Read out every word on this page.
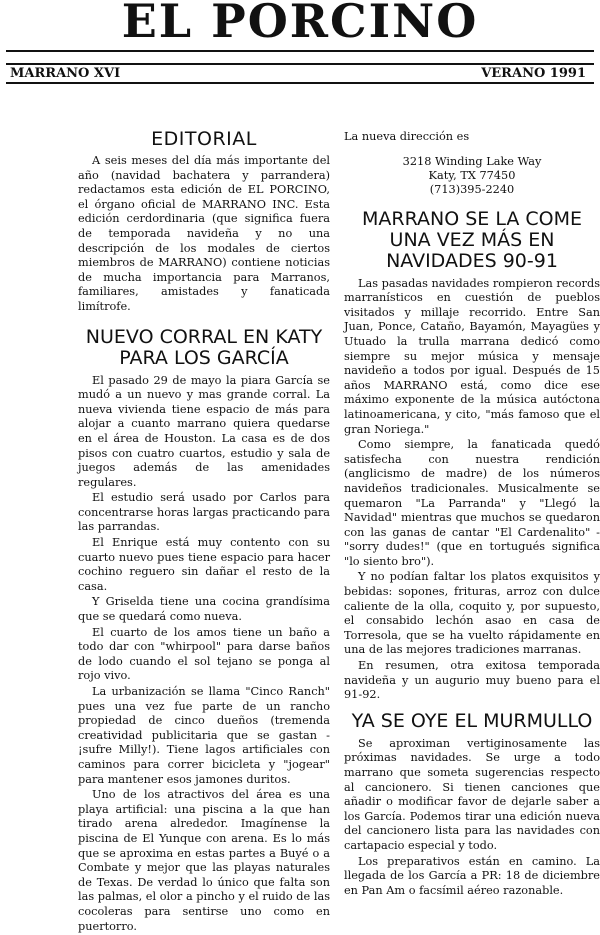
EL PORCINO
MARRANO XVI	VERANO 1991
EDITORIAL

A seis meses del día más importante del año (navidad bachatera y parrandera) redactamos esta edición de EL PORCINO, el órgano oficial de MARRANO INC. Esta edición cerdordinaria (que significa fuera de temporada navideña y no una descripción de los modales de ciertos miembros de MARRANO) contiene noticias de mucha importancia para Marranos, familiares, amistades y fanaticada limítrofe.

NUEVO CORRAL EN KATY
PARA LOS GARCÍA

El pasado 29 de mayo la piara García se mudó a un nuevo y mas grande corral. La nueva vivienda tiene espacio de más para alojar a cuanto marrano quiera quedarse en el área de Houston. La casa es de dos pisos con cuatro cuartos, estudio y sala de juegos además de las amenidades regulares.

El estudio será usado por Carlos para concentrarse horas largas practicando para las parrandas.

El Enrique está muy contento con su cuarto nuevo pues tiene espacio para hacer cochino reguero sin dañar el resto de la casa.

Y Griselda tiene una cocina grandísima que se quedará como nueva.

El cuarto de los amos tiene un baño a todo dar con "whirpool" para darse baños de lodo cuando el sol tejano se ponga al rojo vivo.

La urbanización se llama "Cinco Ranch" pues una vez fue parte de un rancho propiedad de cinco dueños (tremenda creatividad publicitaria que se gastan - ¡sufre Milly!). Tiene lagos artificiales con caminos para correr bicicleta y "jogear" para mantener esos jamones duritos.

Uno de los atractivos del área es una playa artificial: una piscina a la que han tirado arena alrededor. Imagínense la piscina de El Yunque con arena. Es lo más que se aproxima en estas partes a Buyé o a Combate y mejor que las playas naturales de Texas. De verdad lo único que falta son las palmas, el olor a pincho y el ruido de las cocoleras para sentirse uno como en puertorro.

La nueva dirección es

3218 Winding Lake Way
Katy, TX 77450
(713)395-2240
MARRANO SE LA COME
UNA VEZ MÁS EN
NAVIDADES 90-91

Las pasadas navidades rompieron records marranísticos en cuestión de pueblos visitados y millaje recorrido. Entre San Juan, Ponce, Cataño, Bayamón, Mayagües y Utuado la trulla marrana dedicó como siempre su mejor música y mensaje navideño a todos por igual. Después de 15 años MARRANO está, como dice ese máximo exponente de la música autóctona latinoamericana, y cito, "más famoso que el gran Noriega."

Como siempre, la fanaticada quedó satisfecha con nuestra rendición (anglicismo de madre) de los números navideños tradicionales. Musicalmente se quemaron "La Parranda" y "Llegó la Navidad" mientras que muchos se quedaron con las ganas de cantar "El Cardenalito" - "sorry dudes!" (que en tortugués significa "lo siento bro").

Y no podían faltar los platos exquisitos y bebidas: sopones, frituras, arroz con dulce caliente de la olla, coquito y, por supuesto, el consabido lechón asao en casa de Torresola, que se ha vuelto rápidamente en una de las mejores tradiciones marranas.

En resumen, otra exitosa temporada navideña y un augurio muy bueno para el 91-92.

YA SE OYE EL MURMULLO

Se aproximan vertiginosamente las próximas navidades. Se urge a todo marrano que someta sugerencias respecto al cancionero. Si tienen canciones que añadir o modificar favor de dejarle saber a los García. Podemos tirar una edición nueva del cancionero lista para las navidades con cartapacio especial y todo.

Los preparativos están en camino. La llegada de los García a PR: 18 de diciembre en Pan Am o facsímil aéreo razonable.
